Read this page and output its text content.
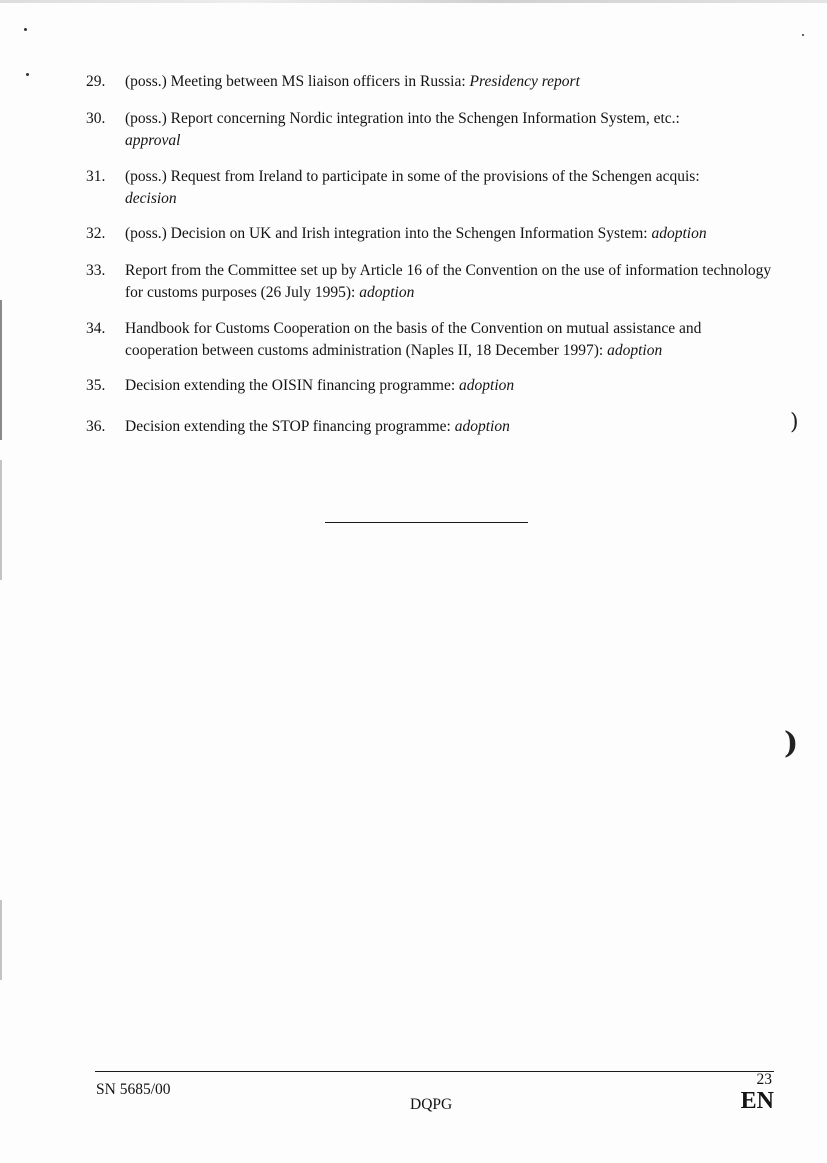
)
)
29.	(poss.) Meeting between MS liaison officers in Russia: Presidency report
30.	(poss.) Report concerning Nordic integration into the Schengen Information System, etc.:
approval
31.	(poss.) Request from Ireland to participate in some of the provisions of the Schengen acquis:
decision
32.	(poss.) Decision on UK and Irish integration into the Schengen Information System: adoption
33.	Report from the Committee set up by Article 16 of the Convention on the use of information technology for customs purposes (26 July 1995): adoption
34.	Handbook for Customs Cooperation on the basis of the Convention on mutual assistance and cooperation between customs administration (Naples II, 18 December 1997): adoption
35.	Decision extending the OISIN financing programme: adoption
36.	Decision extending the STOP financing programme: adoption
SN 5685/00
DQPG
23
EN
